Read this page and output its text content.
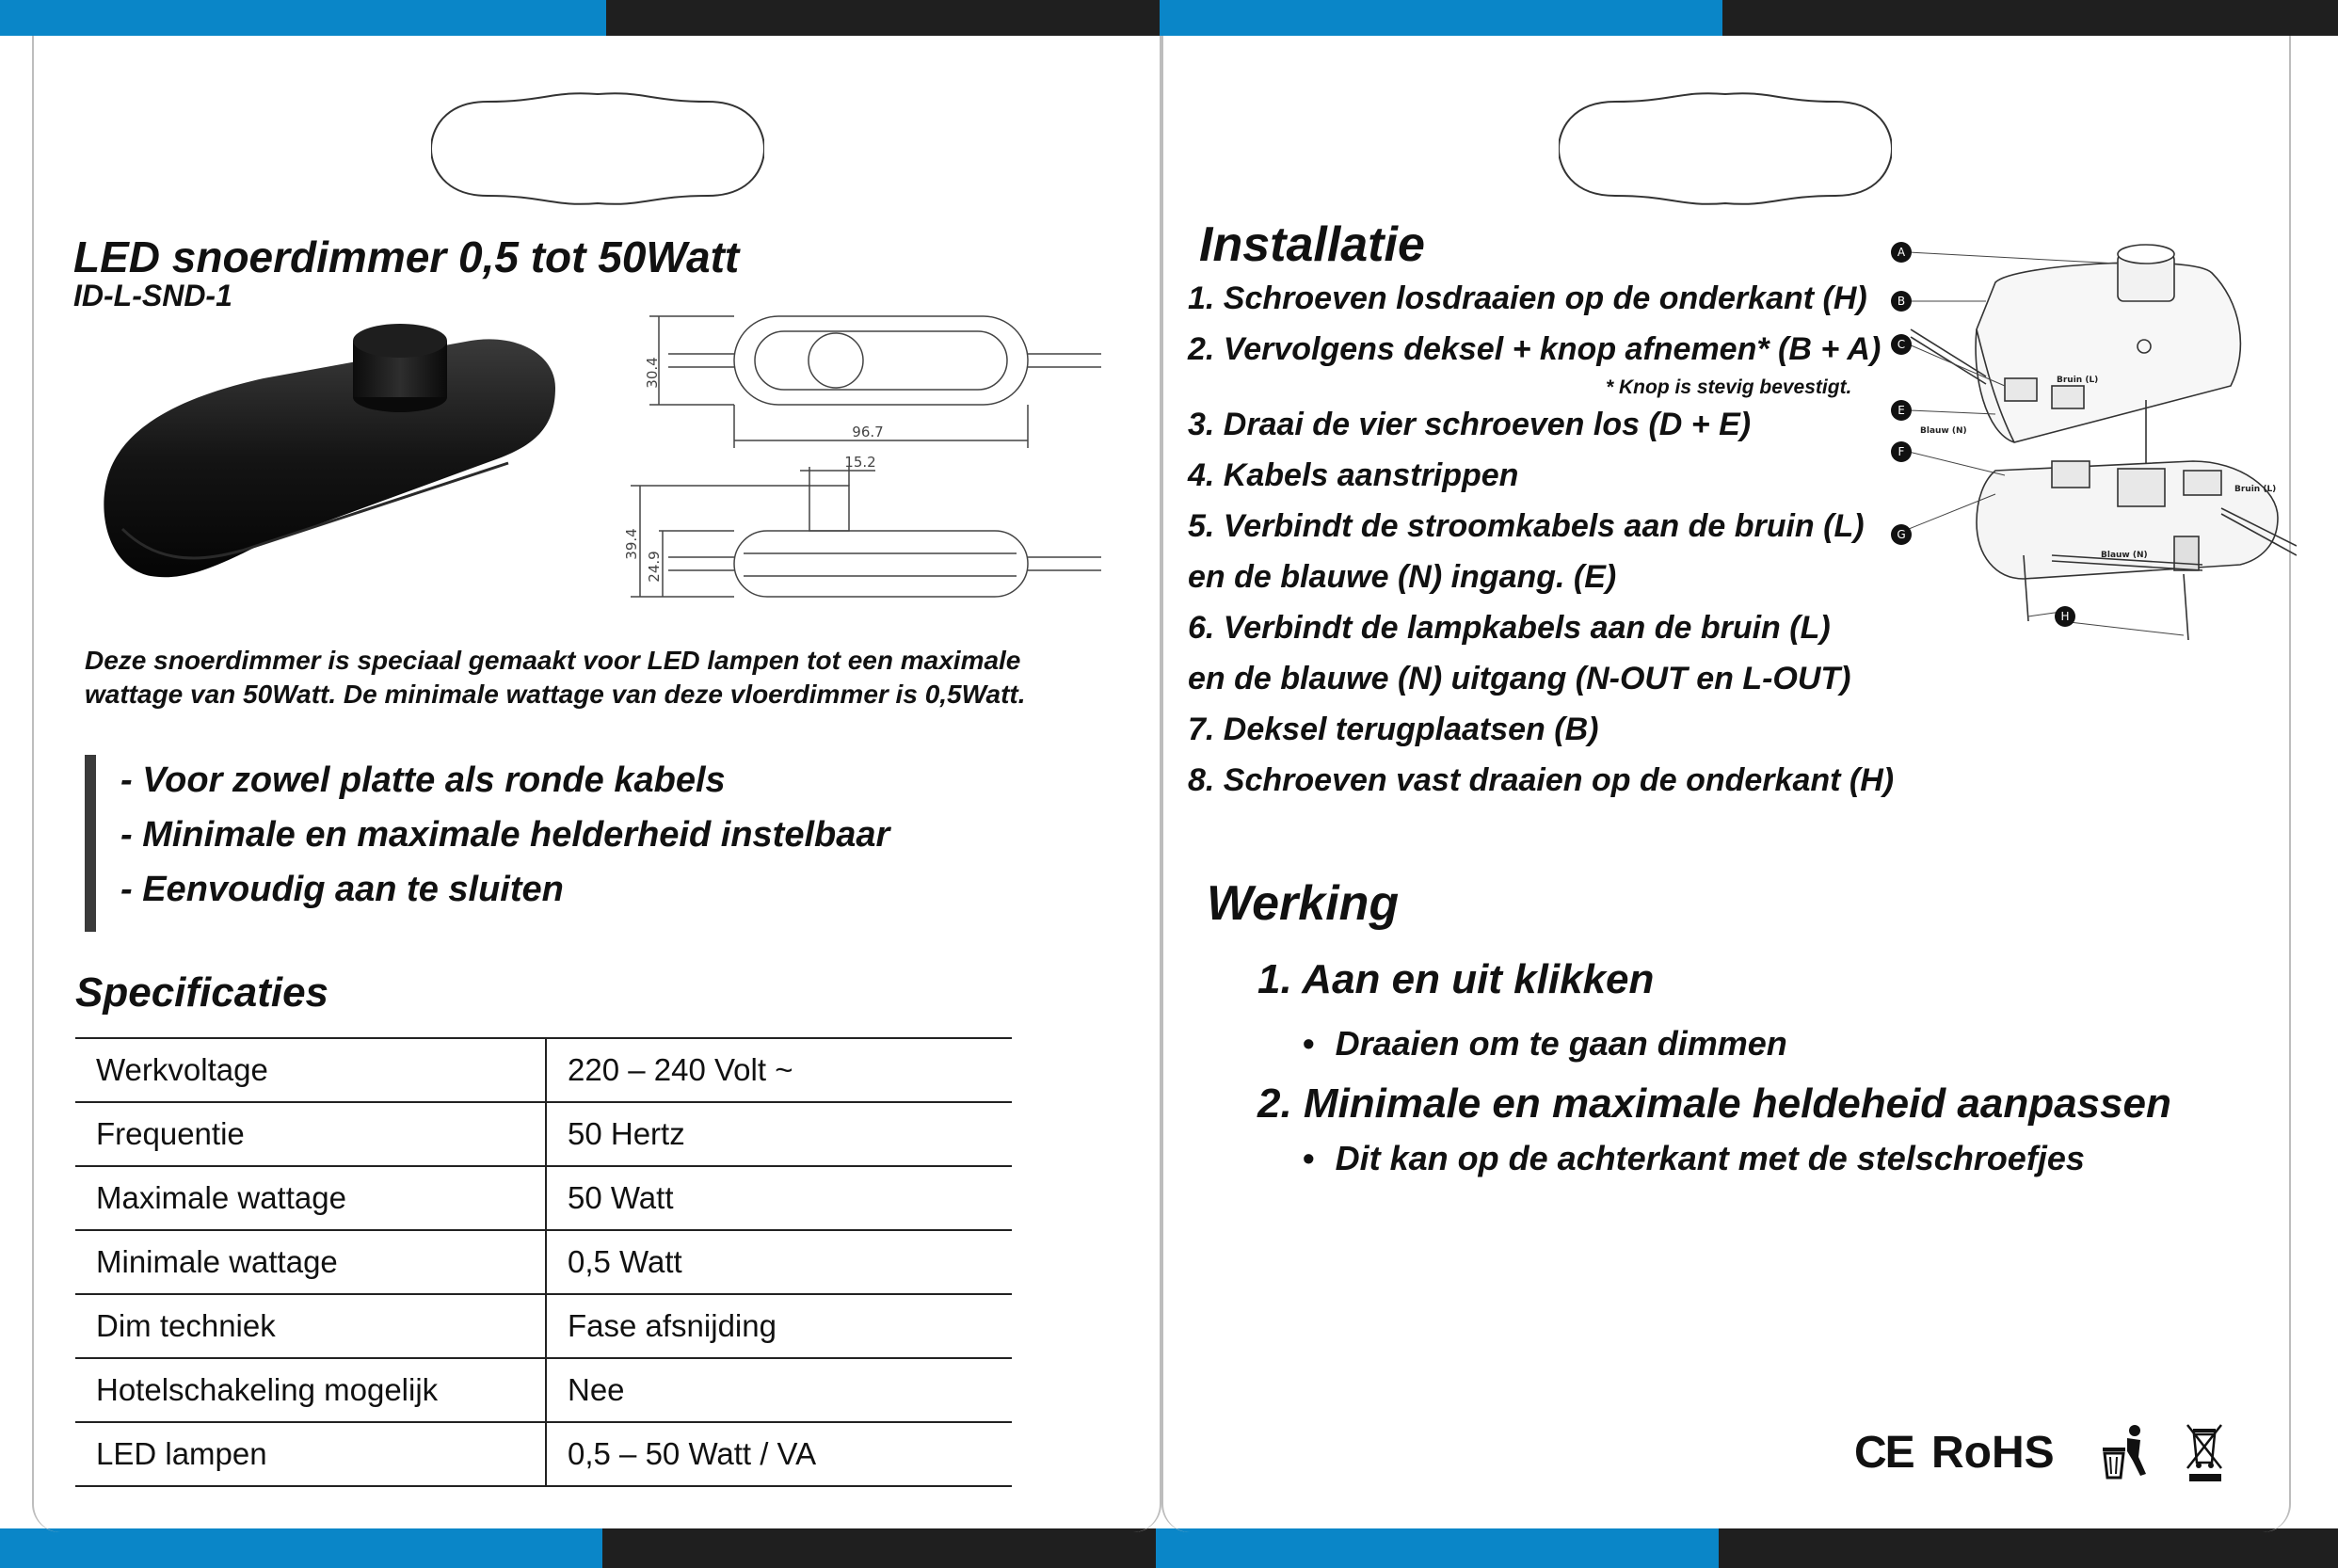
LED snoerdimmer 0,5 tot 50Watt
ID-L-SND-1
30.4
96.7
15.2
39.4
24.9
Deze snoerdimmer is speciaal gemaakt voor LED lampen tot een maximale wattage van 50Watt. De minimale wattage van deze vloerdimmer is 0,5Watt.
- Voor zowel platte als ronde kabels
- Minimale en maximale helderheid instelbaar
- Eenvoudig aan te sluiten
Specificaties
Werkvoltage	220 – 240 Volt ~
Frequentie	50 Hertz
Maximale wattage	50 Watt
Minimale wattage	0,5 Watt
Dim techniek	Fase afsnijding
Hotelschakeling mogelijk	Nee
LED lampen	0,5 – 50 Watt / VA
Installatie
1. Schroeven losdraaien op de onderkant (H)
2. Vervolgens deksel + knop afnemen* (B + A)
* Knop is stevig bevestigt.
3. Draai de vier schroeven los (D + E)
4. Kabels aanstrippen
5. Verbindt de stroomkabels aan de bruin (L)
en de blauwe (N) ingang. (E)
6. Verbindt de lampkabels aan de bruin (L)
en de blauwe (N) uitgang (N-OUT en L-OUT)
7. Deksel terugplaatsen (B)
8. Schroeven vast draaien op de onderkant (H)
A
B
C
E
F
G
H
Bruin (L)
Blauw (N)
Bruin (L)
Blauw (N)
Werking
1. Aan en uit klikken
• Draaien om te gaan dimmen
2. Minimale en maximale heldeheid aanpassen
• Dit kan op de achterkant met de stelschroefjes
CE RoHS
